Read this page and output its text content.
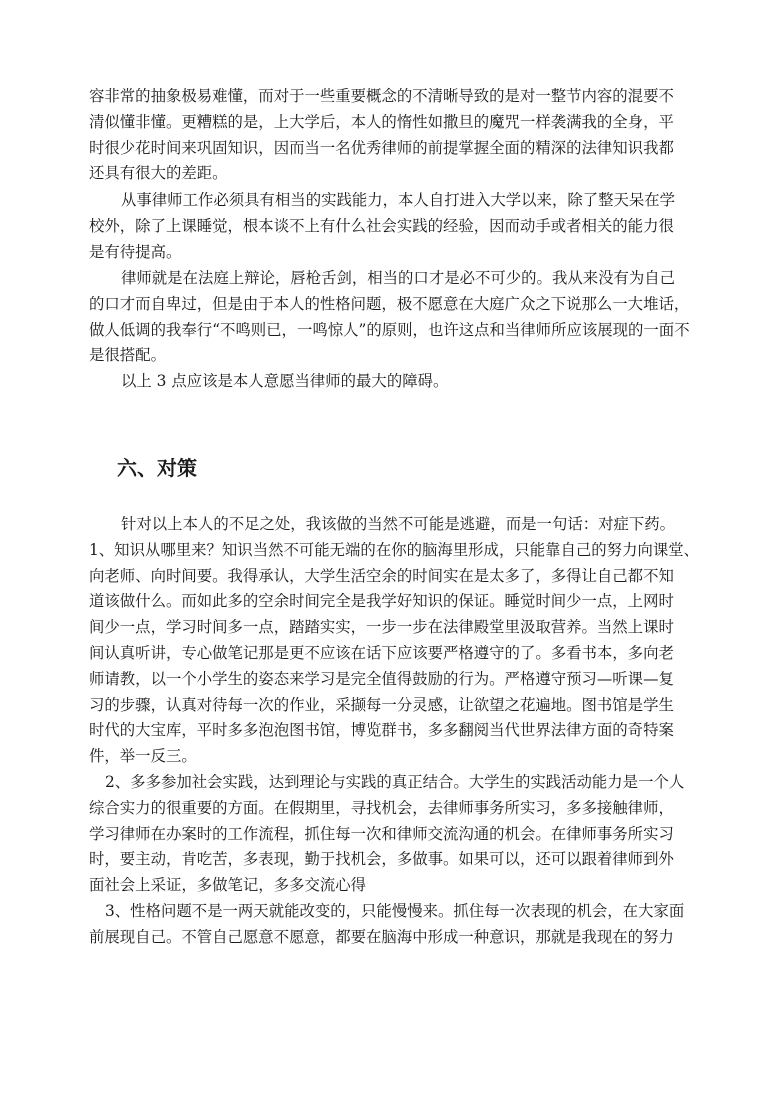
容非常的抽象极易难懂，而对于一些重要概念的不清晰导致的是对一整节内容的混要不
清似懂非懂。更糟糕的是，上大学后，本人的惰性如撒旦的魔咒一样袭满我的全身，平
时很少花时间来巩固知识，因而当一名优秀律师的前提掌握全面的精深的法律知识我都
还具有很大的差距。

从事律师工作必须具有相当的实践能力，本人自打进入大学以来，除了整天呆在学
校外，除了上课睡觉，根本谈不上有什么社会实践的经验，因而动手或者相关的能力很
是有待提高。

律师就是在法庭上辩论，唇枪舌剑，相当的口才是必不可少的。我从来没有为自己
的口才而自卑过，但是由于本人的性格问题，极不愿意在大庭广众之下说那么一大堆话，
做人低调的我奉行“不鸣则已，一鸣惊人”的原则，也许这点和当律师所应该展现的一面不
是很搭配。

以上 3 点应该是本人意愿当律师的最大的障碍。

六、对策

针对以上本人的不足之处，我该做的当然不可能是逃避，而是一句话：对症下药。
1、知识从哪里来？知识当然不可能无端的在你的脑海里形成，只能靠自己的努力向课堂、
向老师、向时间要。我得承认，大学生活空余的时间实在是太多了，多得让自己都不知
道该做什么。而如此多的空余时间完全是我学好知识的保证。睡觉时间少一点，上网时
间少一点，学习时间多一点，踏踏实实，一步一步在法律殿堂里汲取营养。当然上课时
间认真听讲，专心做笔记那是更不应该在话下应该要严格遵守的了。多看书本，多向老
师请教，以一个小学生的姿态来学习是完全值得鼓励的行为。严格遵守预习—听课—复
习的步骤，认真对待每一次的作业，采撷每一分灵感，让欲望之花遍地。图书馆是学生
时代的大宝库，平时多多泡泡图书馆，博览群书，多多翻阅当代世界法律方面的奇特案
件，举一反三。

2、多多参加社会实践，达到理论与实践的真正结合。大学生的实践活动能力是一个人
综合实力的很重要的方面。在假期里，寻找机会，去律师事务所实习，多多接触律师，
学习律师在办案时的工作流程，抓住每一次和律师交流沟通的机会。在律师事务所实习
时，要主动，肯吃苦，多表现，勤于找机会，多做事。如果可以，还可以跟着律师到外
面社会上采证，多做笔记，多多交流心得

3、性格问题不是一两天就能改变的，只能慢慢来。抓住每一次表现的机会，在大家面
前展现自己。不管自己愿意不愿意，都要在脑海中形成一种意识，那就是我现在的努力
